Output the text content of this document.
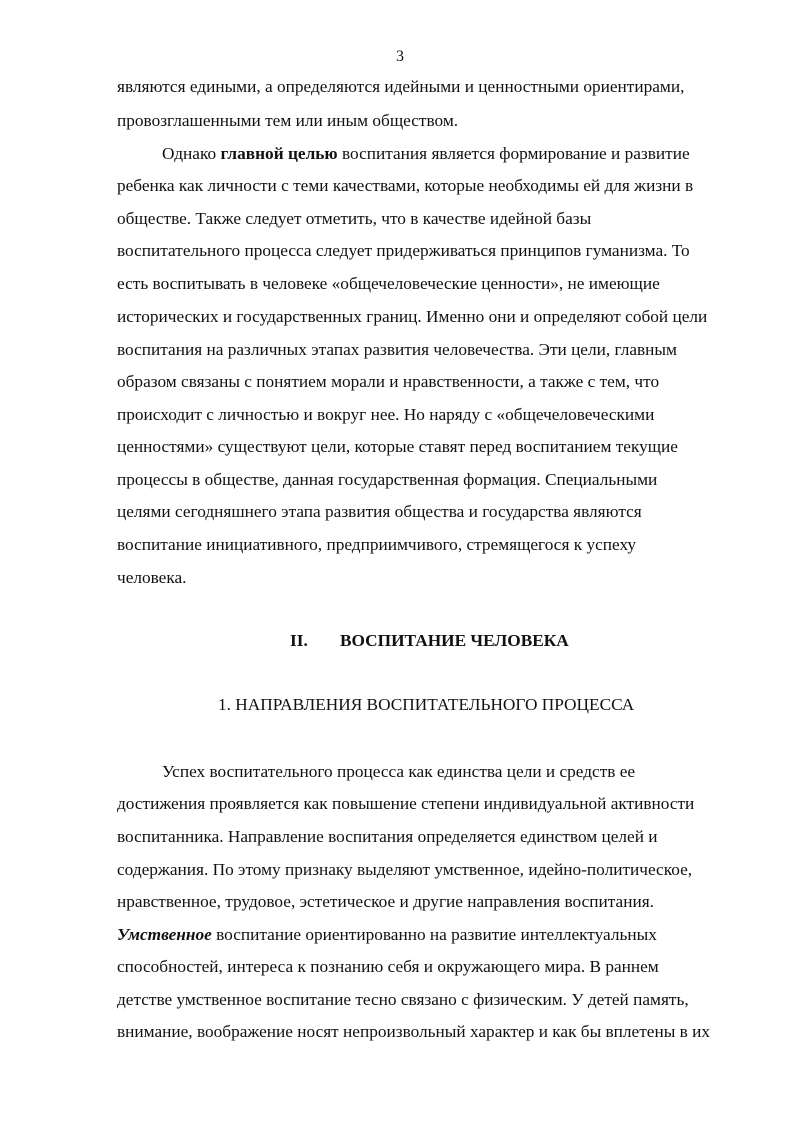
3
являются едиными, а определяются идейными и ценностными ориентирами,
провозглашенными тем или иным обществом.
Однако главной целью воспитания является формирование и развитие
ребенка как личности с теми качествами, которые необходимы ей для жизни в
обществе. Также следует отметить, что в качестве идейной базы
воспитательного процесса следует придерживаться принципов гуманизма. То
есть воспитывать в человеке «общечеловеческие ценности», не имеющие
исторических и государственных границ. Именно они и определяют собой цели
воспитания на различных этапах развития человечества. Эти цели, главным
образом связаны с понятием морали и нравственности, а также с тем, что
происходит с личностью и вокруг нее. Но наряду с «общечеловеческими
ценностями» существуют цели, которые ставят перед воспитанием текущие
процессы в обществе, данная государственная формация. Специальными
целями сегодняшнего этапа развития общества и государства являются
воспитание инициативного, предприимчивого, стремящегося к успеху
человека.
II. ВОСПИТАНИЕ ЧЕЛОВЕКА
1. НАПРАВЛЕНИЯ ВОСПИТАТЕЛЬНОГО ПРОЦЕССА
Успех воспитательного процесса как единства цели и средств ее
достижения проявляется как повышение степени индивидуальной активности
воспитанника. Направление воспитания определяется единством целей и
содержания. По этому признаку выделяют умственное, идейно-политическое,
нравственное, трудовое, эстетическое и другие направления воспитания.
Умственное воспитание ориентированно на развитие интеллектуальных
способностей, интереса к познанию себя и окружающего мира. В раннем
детстве умственное воспитание тесно связано с физическим. У детей память,
внимание, воображение носят непроизвольный характер и как бы вплетены в их
